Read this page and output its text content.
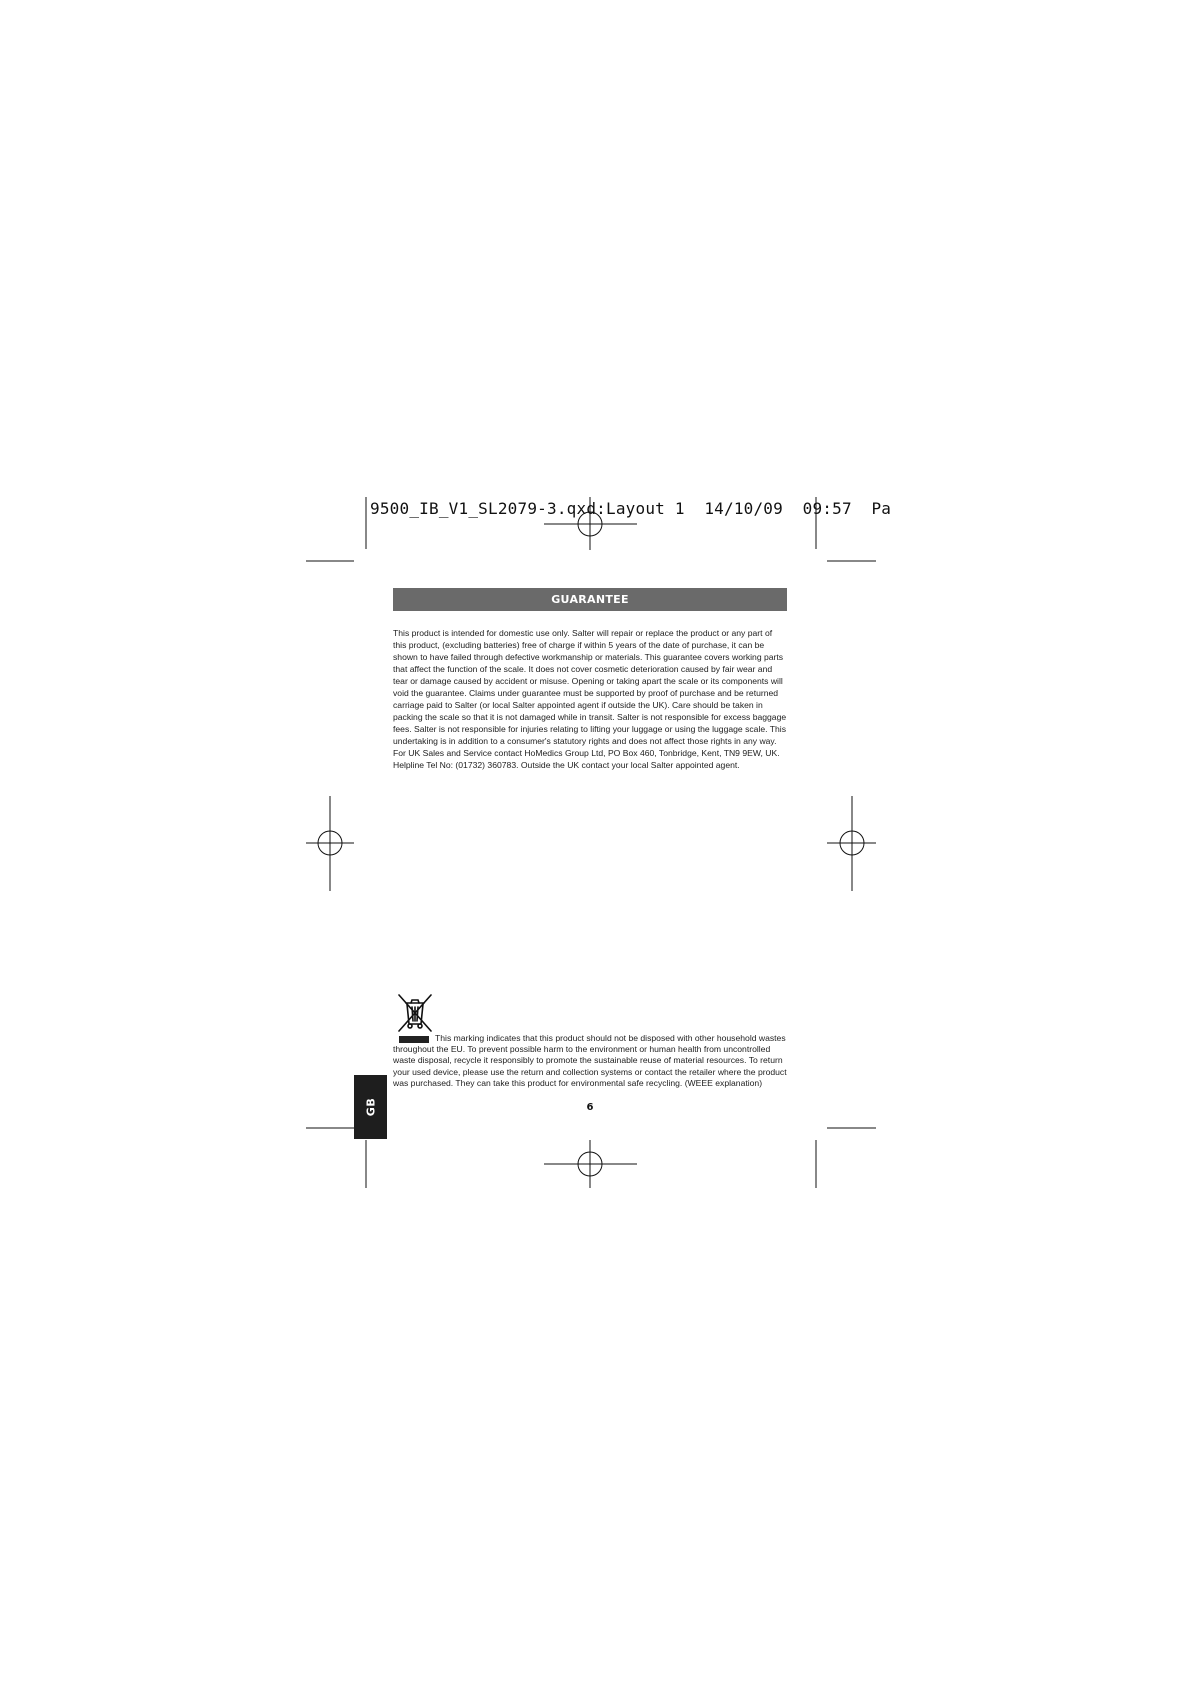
9500_IB_V1_SL2079-3.qxd:Layout 1  14/10/09  09:57  Pa
GUARANTEE

This product is intended for domestic use only. Salter will repair or replace the product or any part of this product, (excluding batteries) free of charge if within 5 years of the date of purchase, it can be shown to have failed through defective workmanship or materials. This guarantee covers working parts that affect the function of the scale. It does not cover cosmetic deterioration caused by fair wear and tear or damage caused by accident or misuse. Opening or taking apart the scale or its components will void the guarantee. Claims under guarantee must be supported by proof of purchase and be returned carriage paid to Salter (or local Salter appointed agent if outside the UK). Care should be taken in packing the scale so that it is not damaged while in transit. Salter is not responsible for excess baggage fees. Salter is not responsible for injuries relating to lifting your luggage or using the luggage scale. This undertaking is in addition to a consumer's statutory rights and does not affect those rights in any way. For UK Sales and Service contact HoMedics Group Ltd, PO Box 460, Tonbridge, Kent, TN9 9EW, UK. Helpline Tel No: (01732) 360783. Outside the UK contact your local Salter appointed agent.

This marking indicates that this product should not be disposed with other household wastes throughout the EU. To prevent possible harm to the environment or human health from uncontrolled waste disposal, recycle it responsibly to promote the sustainable reuse of material resources. To return your used device, please use the return and collection systems or contact the retailer where the product was purchased. They can take this product for environmental safe recycling. (WEEE explanation)

6
GB
